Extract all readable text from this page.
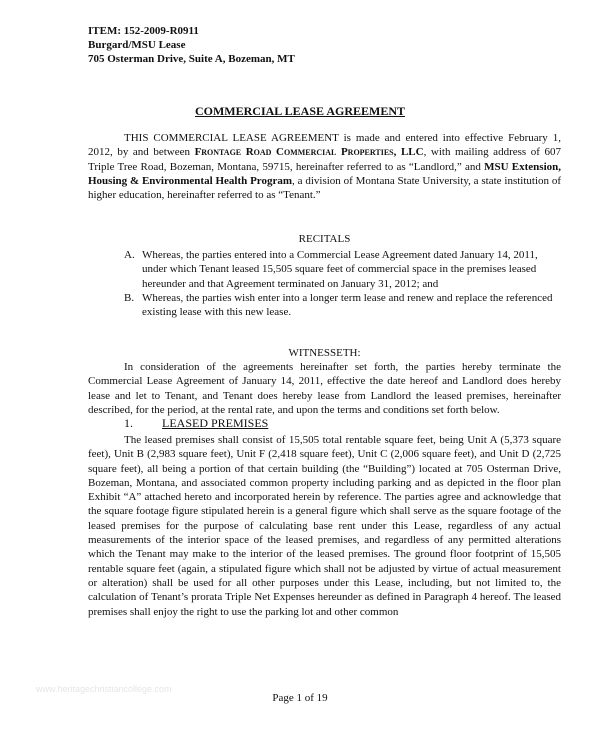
ITEM: 152-2009-R0911
Burgard/MSU Lease
705 Osterman Drive, Suite A, Bozeman, MT
COMMERCIAL LEASE AGREEMENT
THIS COMMERCIAL LEASE AGREEMENT is made and entered into effective February 1, 2012, by and between Frontage Road Commercial Properties, LLC, with mailing address of 607 Triple Tree Road, Bozeman, Montana, 59715, hereinafter referred to as “Landlord,” and MSU Extension, Housing & Environmental Health Program, a division of Montana State University, a state institution of higher education, hereinafter referred to as “Tenant.”
RECITALS
A. Whereas, the parties entered into a Commercial Lease Agreement dated January 14, 2011, under which Tenant leased 15,505 square feet of commercial space in the premises leased hereunder and that Agreement terminated on January 31, 2012; and
B. Whereas, the parties wish enter into a longer term lease and renew and replace the referenced existing lease with this new lease.
WITNESSETH:
In consideration of the agreements hereinafter set forth, the parties hereby terminate the Commercial Lease Agreement of January 14, 2011, effective the date hereof and Landlord does hereby lease and let to Tenant, and Tenant does hereby lease from Landlord the leased premises, hereinafter described, for the period, at the rental rate, and upon the terms and conditions set forth below.
1. LEASED PREMISES
The leased premises shall consist of 15,505 total rentable square feet, being Unit A (5,373 square feet), Unit B (2,983 square feet), Unit F (2,418 square feet), Unit C (2,006 square feet), and Unit D (2,725 square feet), all being a portion of that certain building (the “Building”) located at 705 Osterman Drive, Bozeman, Montana, and associated common property including parking and as depicted in the floor plan Exhibit “A” attached hereto and incorporated herein by reference. The parties agree and acknowledge that the square footage figure stipulated herein is a general figure which shall serve as the square footage of the leased premises for the purpose of calculating base rent under this Lease, regardless of any actual measurements of the interior space of the leased premises, and regardless of any permitted alterations which the Tenant may make to the interior of the leased premises. The ground floor footprint of 15,505 rentable square feet (again, a stipulated figure which shall not be adjusted by virtue of actual measurement or alteration) shall be used for all other purposes under this Lease, including, but not limited to, the calculation of Tenant’s prorata Triple Net Expenses hereunder as defined in Paragraph 4 hereof. The leased premises shall enjoy the right to use the parking lot and other common
www.heritagechristiancollege.com
Page 1 of 19
